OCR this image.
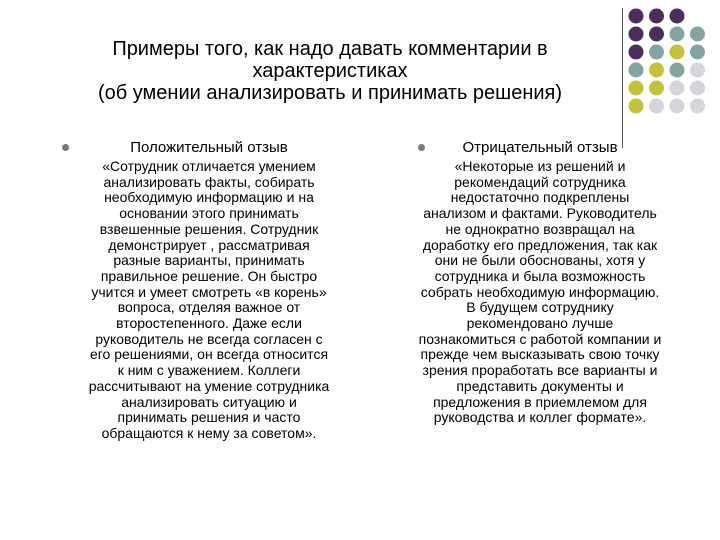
Примеры того, как надо давать комментарии в
характеристиках
(об умении анализировать и принимать решения)
Положительный отзыв
«Сотрудник отличается умением
анализировать факты, собирать
необходимую информацию и на
основании этого принимать
взвешенные решения. Сотрудник
демонстрирует , рассматривая
разные варианты, принимать
правильное решение. Он быстро
учится и умеет смотреть «в корень»
вопроса, отделяя важное от
второстепенного. Даже если
руководитель не всегда согласен с
его решениями, он всегда относится
к ним с уважением. Коллеги
рассчитывают на умение сотрудника
анализировать ситуацию и
принимать решения и часто
обращаются к нему за советом».
Отрицательный отзыв
«Некоторые из решений и
рекомендаций сотрудника
недостаточно подкреплены
анализом и фактами. Руководитель
не однократно возвращал на
доработку его предложения, так как
они не были обоснованы, хотя у
сотрудника и была возможность
собрать необходимую информацию.
В будущем сотруднику
рекомендовано лучше
познакомиться с работой компании и
прежде чем высказывать свою точку
зрения проработать все варианты и
представить документы и
предложения в приемлемом для
руководства и коллег формате».
